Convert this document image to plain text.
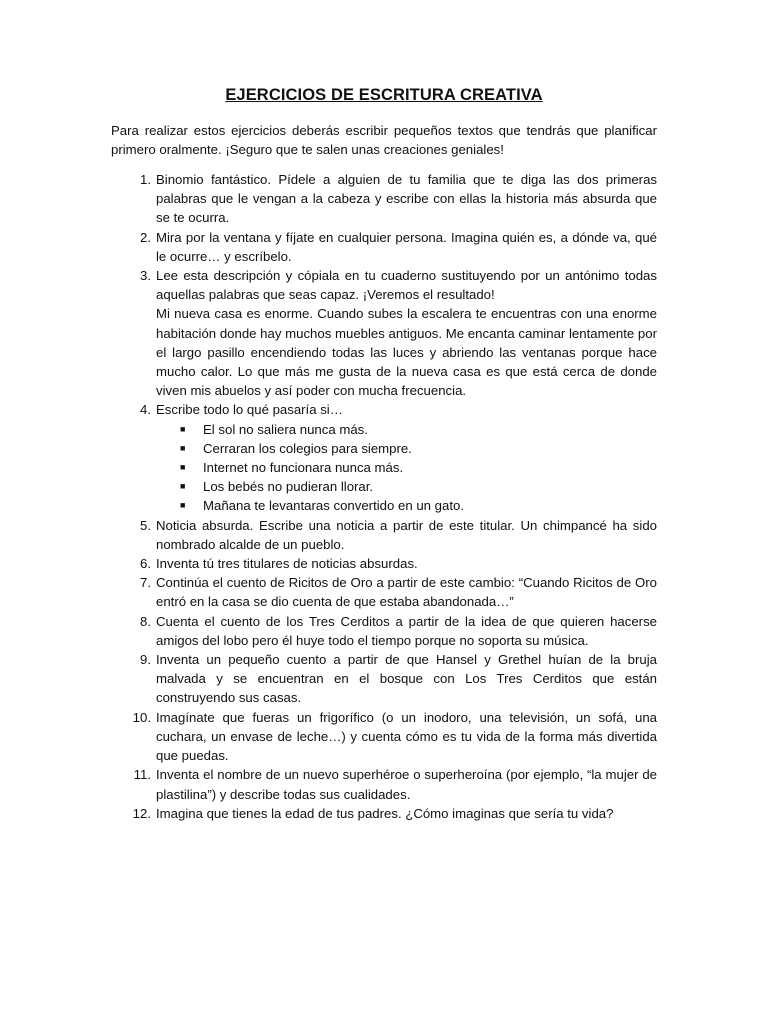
EJERCICIOS DE ESCRITURA CREATIVA

Para realizar estos ejercicios deberás escribir pequeños textos que tendrás que planificar primero oralmente. ¡Seguro que te salen unas creaciones geniales!

1. Binomio fantástico. Pídele a alguien de tu familia que te diga las dos primeras palabras que le vengan a la cabeza y escribe con ellas la historia más absurda que se te ocurra.

2. Mira por la ventana y fíjate en cualquier persona. Imagina quién es, a dónde va, qué le ocurre… y escríbelo.

3. Lee esta descripción y cópiala en tu cuaderno sustituyendo por un antónimo todas aquellas palabras que seas capaz. ¡Veremos el resultado!

Mi nueva casa es enorme. Cuando subes la escalera te encuentras con una enorme habitación donde hay muchos muebles antiguos. Me encanta caminar lentamente por el largo pasillo encendiendo todas las luces y abriendo las ventanas porque hace mucho calor. Lo que más me gusta de la nueva casa es que está cerca de donde viven mis abuelos y así poder con mucha frecuencia.

4. Escribe todo lo qué pasaría si…

■ El sol no saliera nunca más.
■ Cerraran los colegios para siempre.
■ Internet no funcionara nunca más.
■ Los bebés no pudieran llorar.
■ Mañana te levantaras convertido en un gato.
5. Noticia absurda. Escribe una noticia a partir de este titular. Un chimpancé ha sido nombrado alcalde de un pueblo.

6. Inventa tú tres titulares de noticias absurdas.

7. Continúa el cuento de Ricitos de Oro a partir de este cambio: “Cuando Ricitos de Oro entró en la casa se dio cuenta de que estaba abandonada…”

8. Cuenta el cuento de los Tres Cerditos a partir de la idea de que quieren hacerse amigos del lobo pero él huye todo el tiempo porque no soporta su música.

9. Inventa un pequeño cuento a partir de que Hansel y Grethel huían de la bruja malvada y se encuentran en el bosque con Los Tres Cerditos que están construyendo sus casas.

10. Imagínate que fueras un frigorífico (o un inodoro, una televisión, un sofá, una cuchara, un envase de leche…) y cuenta cómo es tu vida de la forma más divertida que puedas.

11. Inventa el nombre de un nuevo superhéroe o superheroína (por ejemplo, “la mujer de plastilina”) y describe todas sus cualidades.

12. Imagina que tienes la edad de tus padres. ¿Cómo imaginas que sería tu vida?
